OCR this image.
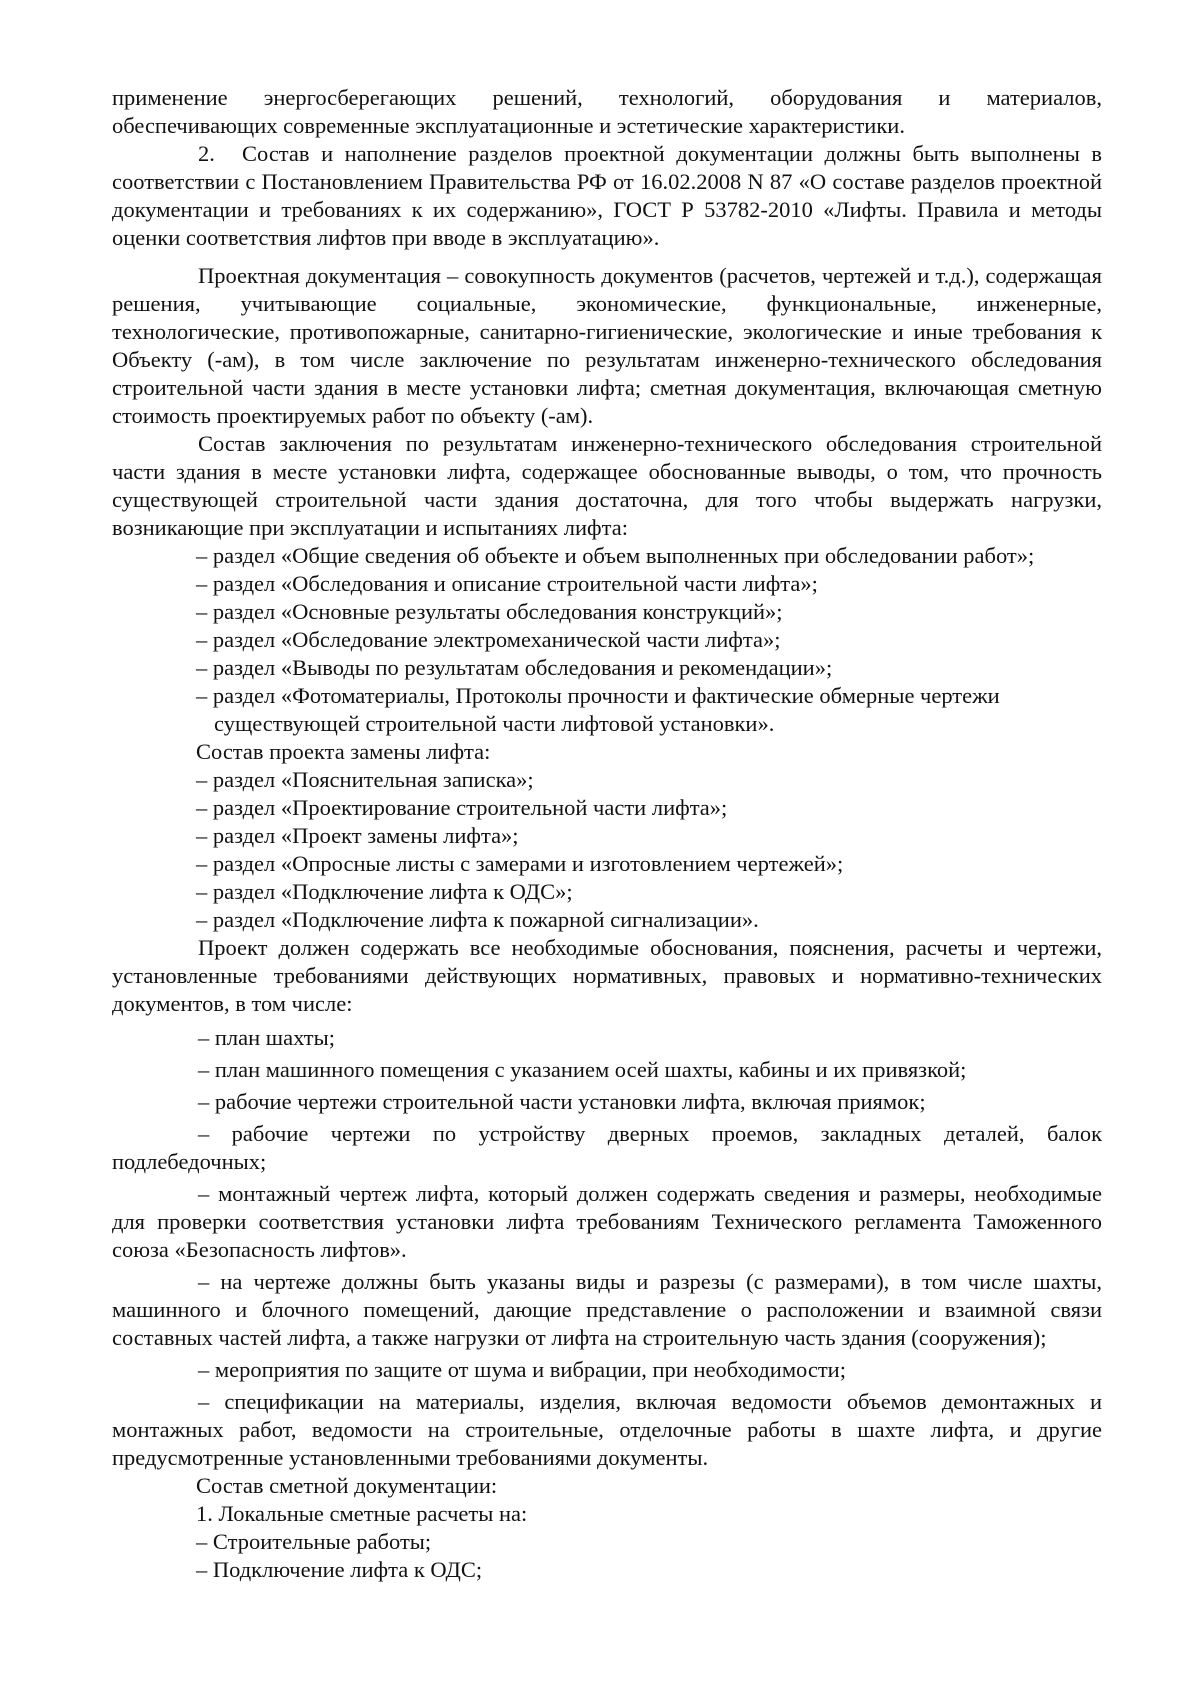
применение энергосберегающих решений, технологий, оборудования и материалов,

обеспечивающих современные эксплуатационные и эстетические характеристики.

2. Состав и наполнение разделов проектной документации должны быть выполнены в соответствии с Постановлением Правительства РФ от 16.02.2008 N 87 «О составе разделов проектной документации и требованиях к их содержанию», ГОСТ Р 53782-2010 «Лифты. Правила и методы оценки соответствия лифтов при вводе в эксплуатацию».

Проектная документация – совокупность документов (расчетов, чертежей и т.д.), содержащая решения, учитывающие социальные, экономические, функциональные, инженерные, технологические, противопожарные, санитарно-гигиенические, экологические и иные требования к Объекту (-ам), в том числе заключение по результатам инженерно-технического обследования строительной части здания в месте установки лифта; сметная документация, включающая сметную стоимость проектируемых работ по объекту (-ам).

Состав заключения по результатам инженерно-технического обследования строительной части здания в месте установки лифта, содержащее обоснованные выводы, о том, что прочность существующей строительной части здания достаточна, для того чтобы выдержать нагрузки, возникающие при эксплуатации и испытаниях лифта:

– раздел «Общие сведения об объекте и объем выполненных при обследовании работ»;

– раздел «Обследования и описание строительной части лифта»;

– раздел «Основные результаты обследования конструкций»;

– раздел «Обследование электромеханической части лифта»;

– раздел «Выводы по результатам обследования и рекомендации»;

– раздел «Фотоматериалы, Протоколы прочности и фактические обмерные чертежи существующей строительной части лифтовой установки».

Состав проекта замены лифта:

– раздел «Пояснительная записка»;

– раздел «Проектирование строительной части лифта»;

– раздел «Проект замены лифта»;

– раздел «Опросные листы с замерами и изготовлением чертежей»;

– раздел «Подключение лифта к ОДС»;

– раздел «Подключение лифта к пожарной сигнализации».

Проект должен содержать все необходимые обоснования, пояснения, расчеты и чертежи, установленные требованиями действующих нормативных, правовых и нормативно-технических документов, в том числе:

– план шахты;

– план машинного помещения с указанием осей шахты, кабины и их привязкой;

– рабочие чертежи строительной части установки лифта, включая приямок;

– рабочие чертежи по устройству дверных проемов, закладных деталей, балок подлебедочных;

– монтажный чертеж лифта, который должен содержать сведения и размеры, необходимые для проверки соответствия установки лифта требованиям Технического регламента Таможенного союза «Безопасность лифтов».

– на чертеже должны быть указаны виды и разрезы (с размерами), в том числе шахты, машинного и блочного помещений, дающие представление о расположении и взаимной связи составных частей лифта, а также нагрузки от лифта на строительную часть здания (сооружения);

– мероприятия по защите от шума и вибрации, при необходимости;

– спецификации на материалы, изделия, включая ведомости объемов демонтажных и монтажных работ, ведомости на строительные, отделочные работы в шахте лифта, и другие предусмотренные установленными требованиями документы.

Состав сметной документации:

1. Локальные сметные расчеты на:

– Строительные работы;

– Подключение лифта к ОДС;
